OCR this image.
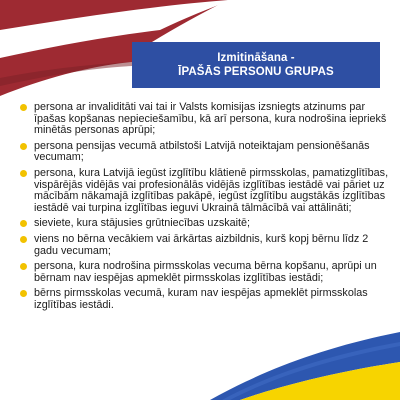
Izmitināšana -
ĪPAŠĀS PERSONU GRUPAS
persona ar invaliditāti vai tai ir Valsts komisijas izsniegts atzinums par īpašas kopšanas nepieciešamību, kā arī persona, kura nodrošina iepriekš minētās personas aprūpi;
persona pensijas vecumā atbilstoši Latvijā noteiktajam pensionēšanās vecumam;
persona, kura Latvijā iegūst izglītību klātienē pirmsskolas, pamatizglītības, vispārējās vidējās vai profesionālās vidējās izglītības iestādē vai pāriet uz mācībām nākamajā izglītības pakāpē, iegūst izglītību augstākās izglītības iestādē vai turpina izglītības ieguvi Ukrainā tālmācībā vai attālināti;
sieviete, kura stājusies grūtniecības uzskaitē;
viens no bērna vecākiem vai ārkārtas aizbildnis, kurš kopj bērnu līdz 2 gadu vecumam;
persona, kura nodrošina pirmsskolas vecuma bērna kopšanu, aprūpi un bērnam nav iespējas apmeklēt pirmsskolas izglītības iestādi;
bērns pirmsskolas vecumā, kuram nav iespējas apmeklēt pirmsskolas izglītības iestādi.
